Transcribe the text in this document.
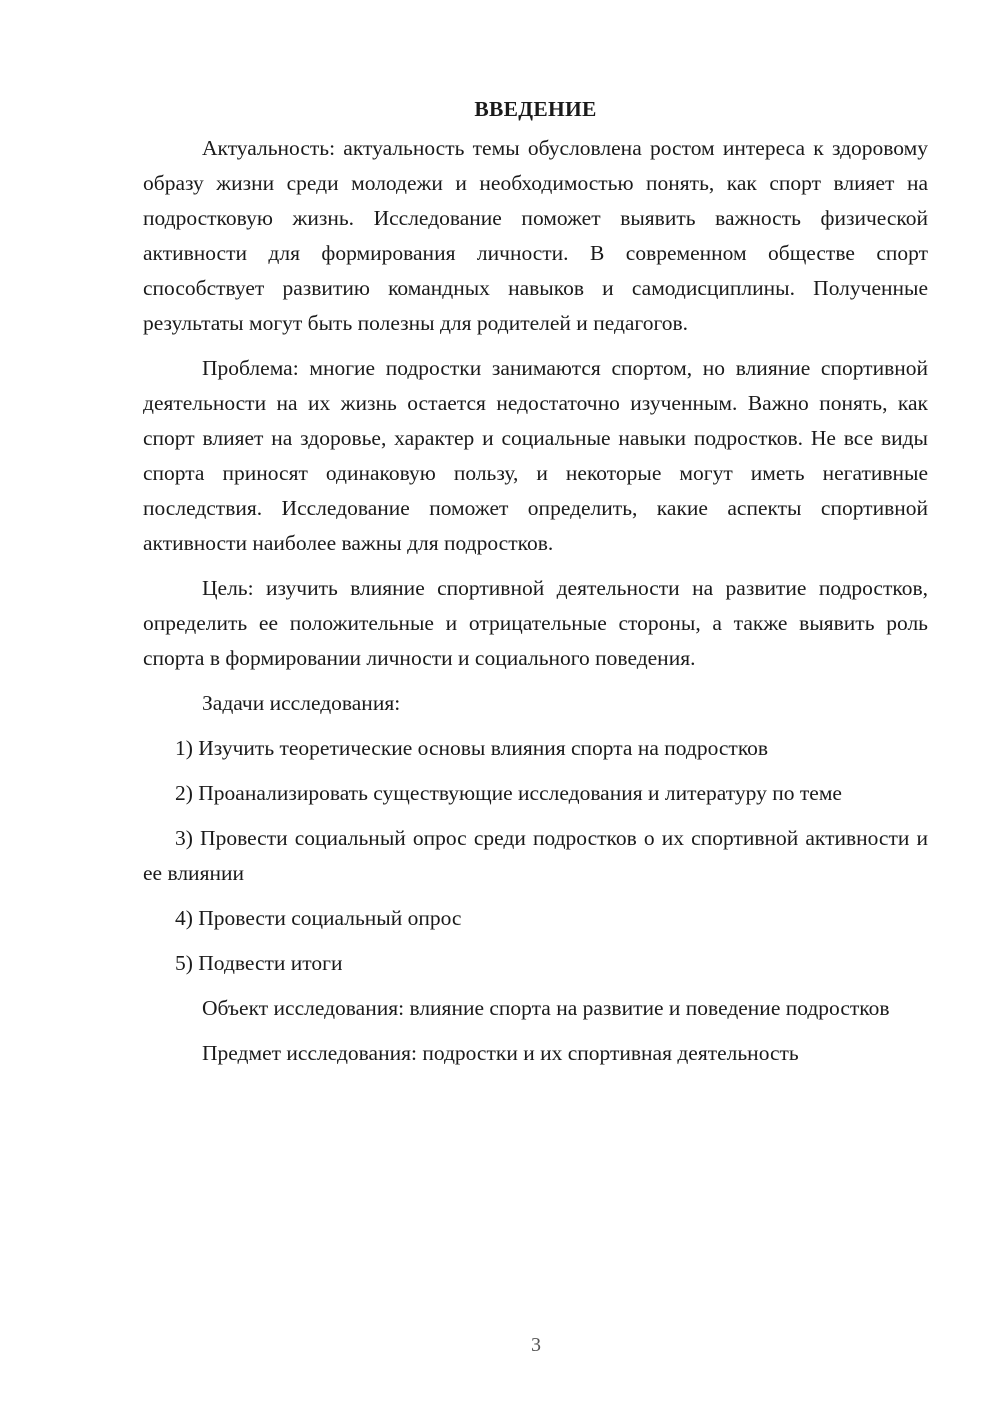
ВВЕДЕНИЕ

Актуальность: актуальность темы обусловлена ростом интереса к здоровому образу жизни среди молодежи и необходимостью понять, как спорт влияет на подростковую жизнь. Исследование поможет выявить важность физической активности для формирования личности. В современном обществе спорт способствует развитию командных навыков и самодисциплины. Полученные результаты могут быть полезны для родителей и педагогов.

Проблема: многие подростки занимаются спортом, но влияние спортивной деятельности на их жизнь остается недостаточно изученным. Важно понять, как спорт влияет на здоровье, характер и социальные навыки подростков. Не все виды спорта приносят одинаковую пользу, и некоторые могут иметь негативные последствия. Исследование поможет определить, какие аспекты спортивной активности наиболее важны для подростков.

Цель: изучить влияние спортивной деятельности на развитие подростков, определить ее положительные и отрицательные стороны, а также выявить роль спорта в формировании личности и социального поведения.

Задачи исследования:

1) Изучить теоретические основы влияния спорта на подростков

2) Проанализировать существующие исследования и литературу по теме

3) Провести социальный опрос среди подростков о их спортивной активности и ее влиянии

4) Провести социальный опрос

5) Подвести итоги

Объект исследования: влияние спорта на развитие и поведение подростков

Предмет исследования: подростки и их спортивная деятельность

3
